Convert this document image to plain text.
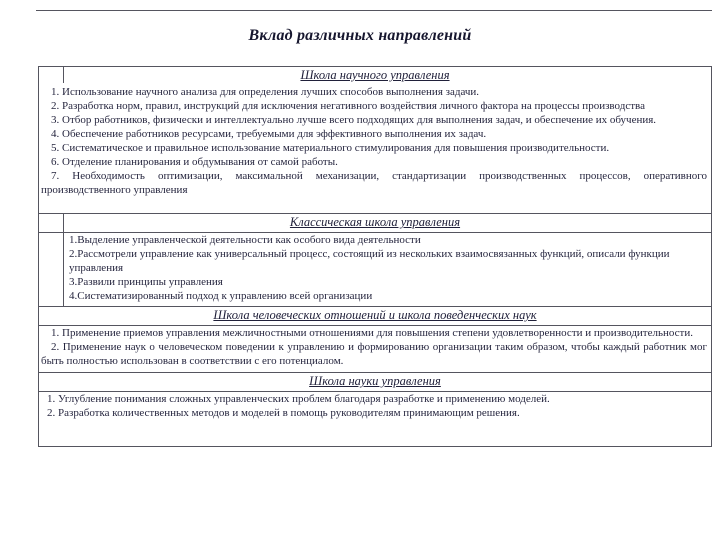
Вклад различных направлений
Школа научного управления

1. Использование научного анализа для определения лучших способов выполнения задачи.

2. Разработка норм, правил, инструкций для исключения негативного воздействия личного фактора на процессы производства

3. Отбор работников, физически и интеллектуально лучше всего подходящих для выполнения задач, и обеспечение их обучения.

4. Обеспечение работников ресурсами, требуемыми для эффективного выполнения их задач.

5. Систематическое и правильное использование материального стимулирования для повышения производительности.

6. Отделение планирования и обдумывания от самой работы.

7. Необходимость оптимизации, максимальной механизации, стандартизации производственных процессов, оперативного производственного управления

Классическая школа управления

1.Выделение управленческой деятельности как особого вида деятельности

2.Рассмотрели управление как универсальный процесс, состоящий из нескольких взаимосвязанных функций, описали функции управления

3.Развили принципы управления

4.Систематизированный подход к управлению всей организации

Школа человеческих отношений и школа поведенческих наук

1. Применение приемов управления межличностными отношениями для повышения степени удовлетворенности и производительности.

2. Применение наук о человеческом поведении к управлению и формированию организации таким образом, чтобы каждый работник мог быть полностью использован в соответствии с его потенциалом.

Школа науки управления

1. Углубление понимания сложных управленческих проблем благодаря разработке и применению моделей.

2. Разработка количественных методов и моделей в помощь руководителям принимающим решения.
